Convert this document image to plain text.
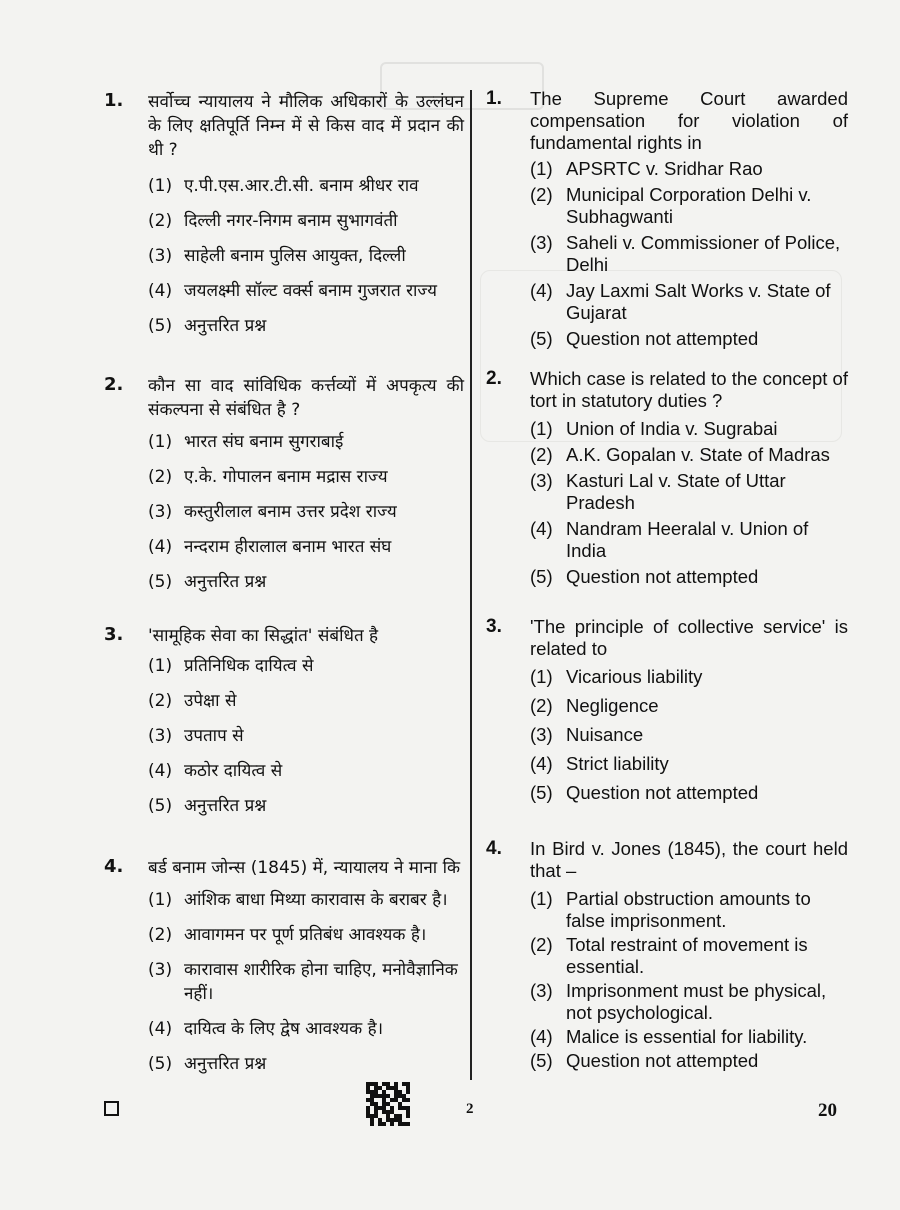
1. सर्वोच्च न्यायालय ने मौलिक अधिकारों के उल्लंघन के लिए क्षतिपूर्ति निम्न में से किस वाद में प्रदान की थी ?
(1) ए.पी.एस.आर.टी.सी. बनाम श्रीधर राव
(2) दिल्ली नगर-निगम बनाम सुभागवंती
(3) साहेली बनाम पुलिस आयुक्त, दिल्ली
(4) जयलक्ष्मी सॉल्ट वर्क्स बनाम गुजरात राज्य
(5) अनुत्तरित प्रश्न
2. कौन सा वाद सांविधिक कर्त्तव्यों में अपकृत्य की संकल्पना से संबंधित है ?
(1) भारत संघ बनाम सुगराबाई
(2) ए.के. गोपालन बनाम मद्रास राज्य
(3) कस्तुरीलाल बनाम उत्तर प्रदेश राज्य
(4) नन्दराम हीरालाल बनाम भारत संघ
(5) अनुत्तरित प्रश्न
3. 'सामूहिक सेवा का सिद्धांत' संबंधित है
(1) प्रतिनिधिक दायित्व से
(2) उपेक्षा से
(3) उपताप से
(4) कठोर दायित्व से
(5) अनुत्तरित प्रश्न
4. बर्ड बनाम जोन्स (1845) में, न्यायालय ने माना कि
(1) आंशिक बाधा मिथ्या कारावास के बराबर है।
(2) आवागमन पर पूर्ण प्रतिबंध आवश्यक है।
(3) कारावास शारीरिक होना चाहिए, मनोवैज्ञानिक नहीं।
(4) दायित्व के लिए द्वेष आवश्यक है।
(5) अनुत्तरित प्रश्न
1. The Supreme Court awarded compensation for violation of fundamental rights in
(1) APSRTC v. Sridhar Rao
(2) Municipal Corporation Delhi v. Subhagwanti
(3) Saheli v. Commissioner of Police, Delhi
(4) Jay Laxmi Salt Works v. State of Gujarat
(5) Question not attempted
2. Which case is related to the concept of tort in statutory duties ?
(1) Union of India v. Sugrabai
(2) A.K. Gopalan v. State of Madras
(3) Kasturi Lal v. State of Uttar Pradesh
(4) Nandram Heeralal v. Union of India
(5) Question not attempted
3. 'The principle of collective service' is related to
(1) Vicarious liability
(2) Negligence
(3) Nuisance
(4) Strict liability
(5) Question not attempted
4. In Bird v. Jones (1845), the court held that –
(1) Partial obstruction amounts to false imprisonment.
(2) Total restraint of movement is essential.
(3) Imprisonment must be physical, not psychological.
(4) Malice is essential for liability.
(5) Question not attempted
2	20
